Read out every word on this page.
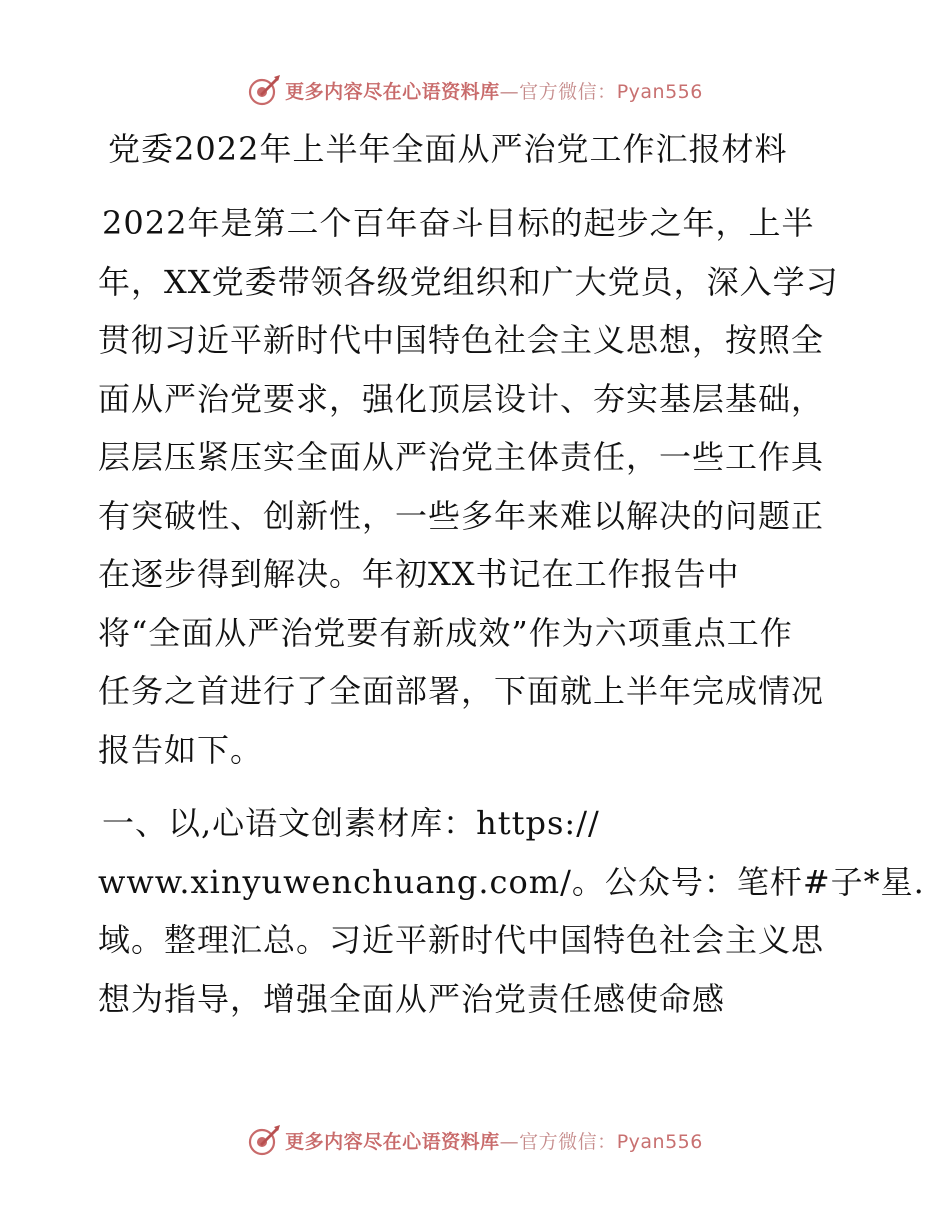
更多内容尽在心语资料库—官方微信：Pyan556
党委2022年上半年全面从严治党工作汇报材料
2022年是第二个百年奋斗目标的起步之年，上半
年，XX党委带领各级党组织和广大党员，深入学习
贯彻习近平新时代中国特色社会主义思想，按照全
面从严治党要求，强化顶层设计、夯实基层基础，
层层压紧压实全面从严治党主体责任，一些工作具
有突破性、创新性，一些多年来难以解决的问题正
在逐步得到解决。年初XX书记在工作报告中
将“全面从严治党要有新成效”作为六项重点工作
任务之首进行了全面部署，下面就上半年完成情况
报告如下。
一、以,心语文创素材库：https://
www.xinyuwenchuang.com/。公众号：笔杆#子*星.
域。整理汇总。习近平新时代中国特色社会主义思
想为指导，增强全面从严治党责任感使命感
更多内容尽在心语资料库—官方微信：Pyan556
